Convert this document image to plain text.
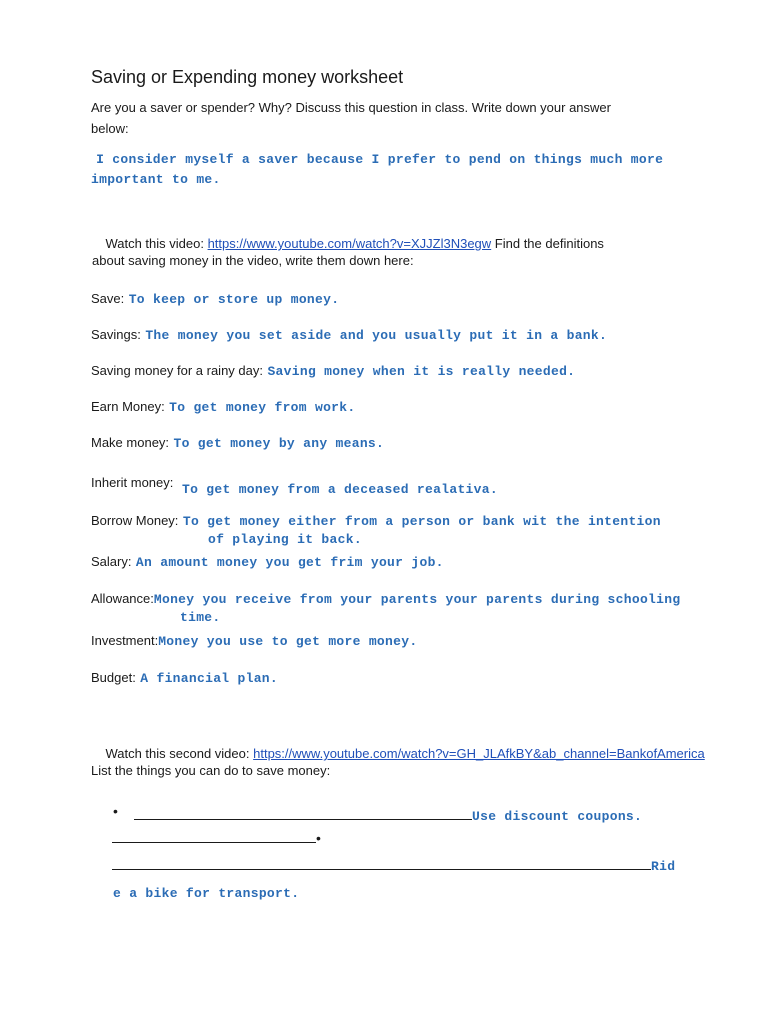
Saving or Expending money worksheet
Are you a saver or spender? Why? Discuss this question in class. Write down your answer
below:
I consider myself a saver because I prefer to pend on things much more
important to me.

Watch this video: https://www.youtube.com/watch?v=XJJZl3N3egw Find the definitions

about saving money in the video, write them down here:
Save: To keep or store up money.
Savings: The money you set aside and you usually put it in a bank.
Saving money for a rainy day: Saving money when it is really needed.
Earn Money: To get money from work.
Make money: To get money by any means.
Inherit money: To get money from a deceased realativa.
Borrow Money: To get money either from a person or bank wit the intention
of playing it back.
Salary: An amount money you get frim your job.
Allowance:Money you receive from your parents your parents during schooling
time.
Investment:Money you use to get more money.
Budget: A financial plan.

Watch this second video: https://www.youtube.com/watch?v=GH_JLAfkBY&ab_channel=BankofAmerica

List the things you can do to save money:
•	Use discount coupons.
•
Rid
e a bike for transport.
